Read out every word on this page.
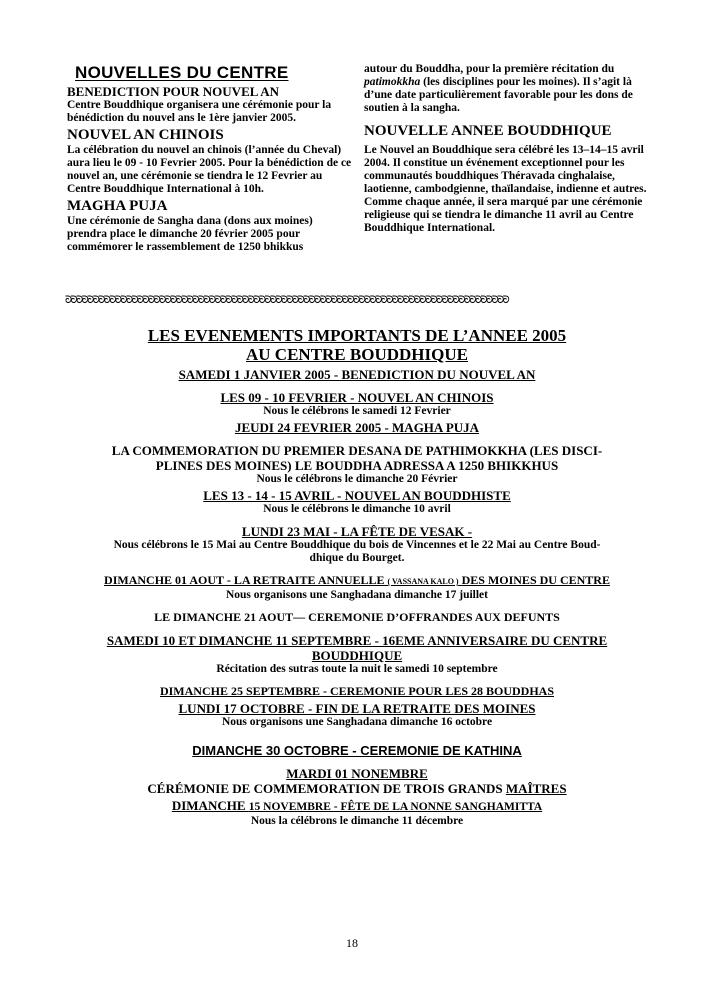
NOUVELLES DU CENTRE
BENEDICTION POUR NOUVEL AN

Centre Bouddhique organisera une cérémonie pour la bénédiction du nouvel ans le 1ère janvier 2005.

NOUVEL AN CHINOIS

La célébration du nouvel an chinois (l’année du Cheval) aura lieu le 09 - 10 Fevrier 2005. Pour la bénédiction de ce nouvel an, une cérémonie se tiendra le 12 Fevrier au Centre Bouddhique International à 10h.

MAGHA PUJA

Une cérémonie de Sangha dana (dons aux moines) prendra place le dimanche 20 février 2005 pour commémorer le rassemblement de 1250 bhikkus

autour du Bouddha, pour la première récitation du patimokkha (les disciplines pour les moines). Il s’agit là d’une date particulièrement favorable pour les dons de soutien à la sangha.

NOUVELLE ANNEE BOUDDHIQUE

Le Nouvel an Bouddhique sera célébré les 13–14–15 avril 2004. Il constitue un événement exceptionnel pour les communautés bouddhiques Théravada cinghalaise, laotienne, cambodgienne, thaïlandaise, indienne et autres. Comme chaque année, il sera marqué par une cérémonie religieuse qui se tiendra le dimanche 11 avril au Centre Bouddhique International.

ᘐᘐᘐᘐᘐᘐᘐᘐᘐᘐᘐᘐᘐᘐᘐᘐᘐᘐᘐᘐᘐᘐᘐᘐᘐᘐᘐᘐᘐᘐᘐᘐᘐᘐᘐᘐᘐᘐᘐᘐᘐᘐᘐᘐᘐᘐᘐᘐᘐᘐᘐᘐᘐᘐᘐᘐᘐᘐᘐᘐᘐᘐᘐᘐᘐᘐᘐᘐᘐᘐᘐᘐᘐᘐᘐᘐᘐᘐᘐᘐ
LES EVENEMENTS IMPORTANTS DE L’ANNEE 2005
AU CENTRE BOUDDHIQUE
SAMEDI 1 JANVIER 2005 - BENEDICTION DU NOUVEL AN
LES 09 - 10 FEVRIER - NOUVEL AN CHINOIS
Nous le célébrons le samedi 12 Fevrier
JEUDI 24 FEVRIER 2005 - MAGHA PUJA
LA COMMEMORATION DU PREMIER DESANA DE PATHIMOKKHA (LES DISCI-
PLINES DES MOINES) LE BOUDDHA ADRESSA A 1250 BHIKKHUS
Nous le célébrons le dimanche 20 Février
LES 13 - 14 - 15 AVRIL - NOUVEL AN BOUDDHISTE
Nous le célébrons le dimanche 10 avril
LUNDI 23 MAI - LA FÊTE DE VESAK -
Nous célébrons le 15 Mai au Centre Bouddhique du bois de Vincennes et le 22 Mai au Centre Boud-
dhique du Bourget.
DIMANCHE 01 AOUT - LA RETRAITE ANNUELLE ( VASSANA KALO ) DES MOINES DU CENTRE
Nous organisons une Sanghadana dimanche 17 juillet
LE DIMANCHE 21 AOUT— CEREMONIE D’OFFRANDES AUX DEFUNTS
SAMEDI 10 ET DIMANCHE 11 SEPTEMBRE - 16EME ANNIVERSAIRE DU CENTRE
BOUDDHIQUE
Récitation des sutras toute la nuit le samedi 10 septembre
DIMANCHE 25 SEPTEMBRE - CEREMONIE POUR LES 28 BOUDDHAS
LUNDI 17 OCTOBRE - FIN DE LA RETRAITE DES MOINES
Nous organisons une Sanghadana dimanche 16 octobre
DIMANCHE 30 OCTOBRE - CEREMONIE DE KATHINA
MARDI 01 NONEMBRE
CÉRÉMONIE DE COMMEMORATION DE TROIS GRANDS MAÎTRES
DIMANCHE 15 NOVEMBRE - FÊTE DE LA NONNE SANGHAMITTA
Nous la célébrons le dimanche 11 décembre
18
